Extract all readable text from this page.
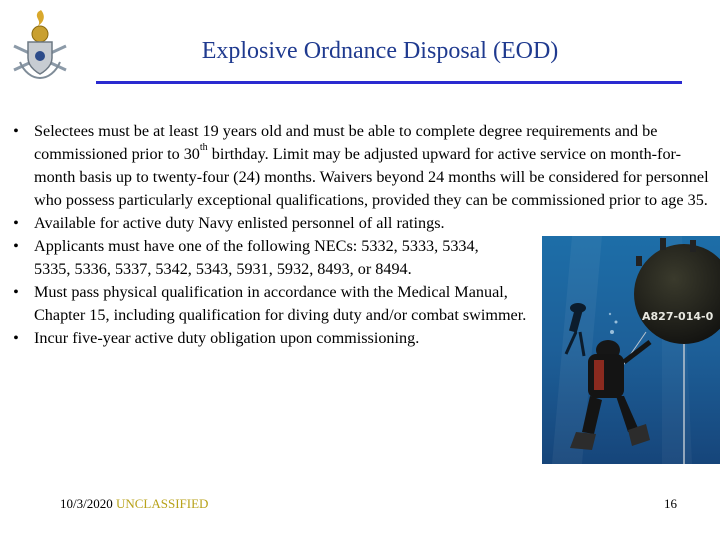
Explosive Ordnance Disposal (EOD)
• Selectees must be at least 19 years old and must be able to complete degree requirements and be commissioned prior to 30th birthday. Limit may be adjusted upward for active service on month-for-month basis up to twenty-four (24) months. Waivers beyond 24 months will be considered for personnel who possess particularly exceptional qualifications, provided they can be commissioned prior to age 35.
• Available for active duty Navy enlisted personnel of all ratings.
• Applicants must have one of the following NECs: 5332, 5333, 5334, 5335, 5336, 5337, 5342, 5343, 5931, 5932, 8493, or 8494.
• Must pass physical qualification in accordance with the Medical Manual, Chapter 15, including qualification for diving duty and/or combat swimmer.
• Incur five-year active duty obligation upon commissioning.
A827-014-0
10/3/2020 UNCLASSIFIED	16
